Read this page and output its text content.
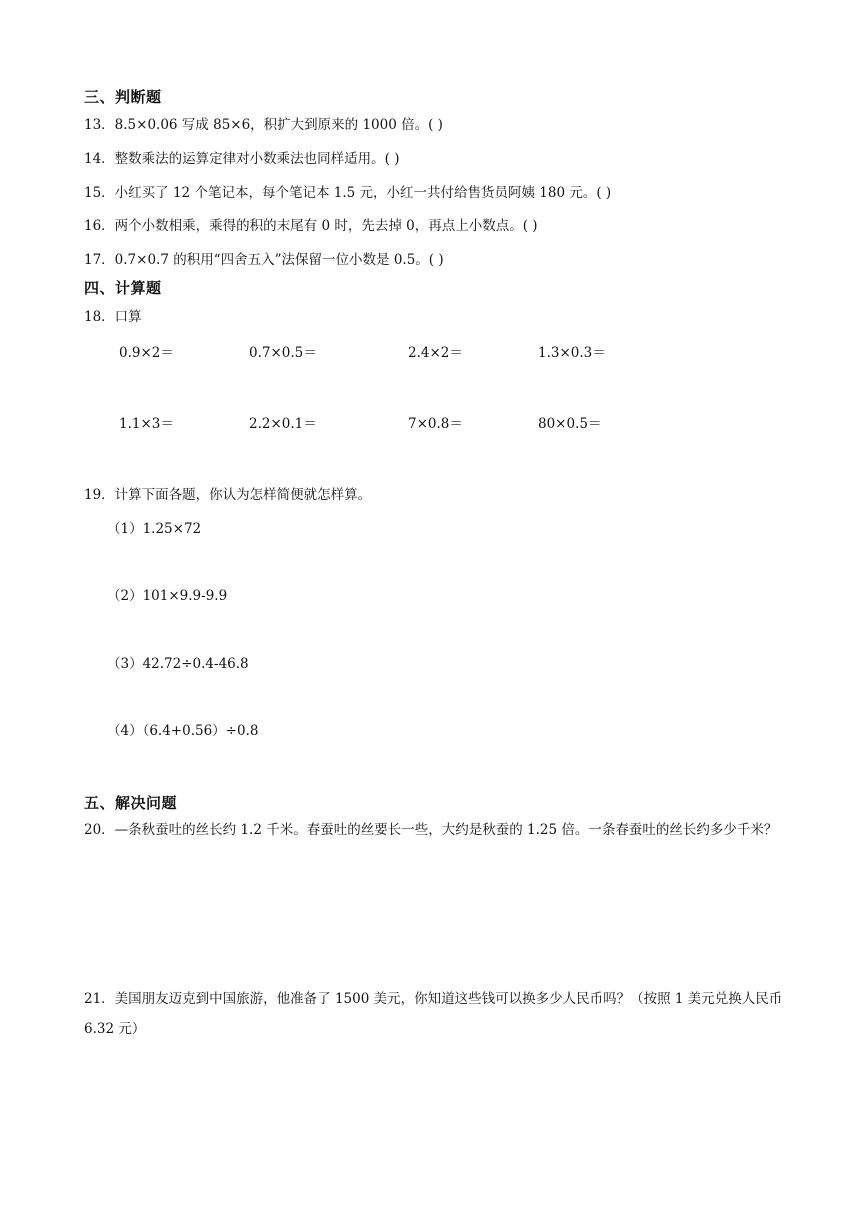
三、判断题
13．8.5×0.06 写成 85×6，积扩大到原来的 1000 倍。( )
14．整数乘法的运算定律对小数乘法也同样适用。( )
15．小红买了 12 个笔记本，每个笔记本 1.5 元，小红一共付给售货员阿姨 180 元。( )
16．两个小数相乘，乘得的积的末尾有 0 时，先去掉 0，再点上小数点。( )
17．0.7×0.7 的积用“四舍五入”法保留一位小数是 0.5。( )
四、计算题
18．口算
0.9×2＝	0.7×0.5＝	2.4×2＝	1.3×0.3＝
1.1×3＝	2.2×0.1＝	7×0.8＝	80×0.5＝
19．计算下面各题，你认为怎样简便就怎样算。
（1）1.25×72
（2）101×9.9-9.9
（3）42.72÷0.4-46.8
（4）（6.4+0.56）÷0.8
五、解决问题
20．—条秋蚕吐的丝长约 1.2 千米。春蚕吐的丝要长一些，大约是秋蚕的 1.25 倍。一条春蚕吐的丝长约多少千米？
21．美国朋友迈克到中国旅游，他准备了 1500 美元，你知道这些钱可以换多少人民币吗？（按照 1 美元兑换人民币 6.32 元）
